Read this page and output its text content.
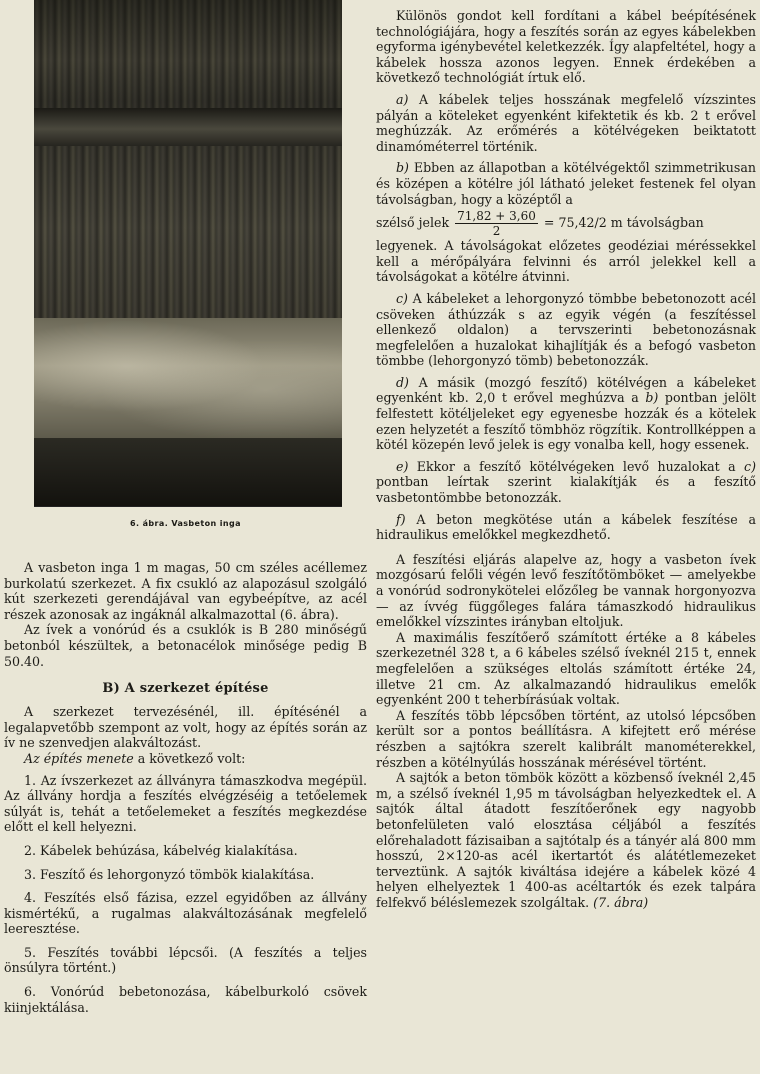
6. ábra. Vasbeton inga

A vasbeton inga 1 m magas, 50 cm széles acéllemez burkolatú szerkezet. A fix csukló az alapozásul szolgáló kút szerkezeti gerendájával van egybeépítve, az acél részek azonosak az ingáknál alkalmazottal (6. ábra).

Az ívek a vonórúd és a csuklók is B 280 minőségű betonból készültek, a betonacélok minősége pedig B 50.40.

B) A szerkezet építése

A szerkezet tervezésénél, ill. építésénél a legalapvetőbb szempont az volt, hogy az építés során az ív ne szenvedjen alakváltozást.

Az építés menete a következő volt:

1. Az ívszerkezet az állványra támaszkodva megépül. Az állvány hordja a feszítés elvégzéséig a tetőelemek súlyát is, tehát a tetőelemeket a feszítés megkezdése előtt el kell helyezni.

2. Kábelek behúzása, kábelvég kialakítása.

3. Feszítő és lehorgonyzó tömbök kialakítása.

4. Feszítés első fázisa, ezzel egyidőben az állvány kismértékű, a rugalmas alakváltozásának megfelelő leeresztése.

5. Feszítés további lépcsői. (A feszítés a teljes önsúlyra történt.)

6. Vonórúd bebetonozása, kábelburkoló csövek kiinjektálása.

Különös gondot kell fordítani a kábel beépítésének technológiájára, hogy a feszítés során az egyes kábelekben egyforma igénybevétel keletkezzék. Így alapfeltétel, hogy a kábelek hossza azonos legyen. Ennek érdekében a következő technológiát írtuk elő.

a) A kábelek teljes hosszának megfelelő vízszintes pályán a köteleket egyenként kifektetik és kb. 2 t erővel meghúzzák. Az erőmérés a kötélvégeken beiktatott dinamóméterrel történik.

b) Ebben az állapotban a kötélvégektől szimmetrikusan és középen a kötélre jól látható jeleket festenek fel olyan távolságban, hogy a középtől a

szélső jelek $\frac{71,82 + 3,60}{2} = 75,42/2$ m távolságban

legyenek. A távolságokat előzetes geodéziai méréssekkel kell a mérőpályára felvinni és arról jelekkel kell a távolságokat a kötélre átvinni.

c) A kábeleket a lehorgonyzó tömbbe bebetonozott acél csöveken áthúzzák s az egyik végén (a feszítéssel ellenkező oldalon) a tervszerinti bebetonozásnak megfelelően a huzalokat kihajlítják és a befogó vasbeton tömbbe (lehorgonyzó tömb) bebetonozzák.

d) A másik (mozgó feszítő) kötélvégen a kábeleket egyenként kb. 2,0 t erővel meghúzva a b) pontban jelölt felfestett kötéljeleket egy egyenesbe hozzák és a kötelek ezen helyzetét a feszítő tömbhöz rögzítik. Kontrollképpen a kötél közepén levő jelek is egy vonalba kell, hogy essenek.

e) Ekkor a feszítő kötélvégeken levő huzalokat a c) pontban leírtak szerint kialakítják és a feszítő vasbetontömbbe betonozzák.

f) A beton megkötése után a kábelek feszítése a hidraulikus emelőkkel megkezdhető.

A feszítési eljárás alapelve az, hogy a vasbeton ívek mozgósarú felőli végén levő feszítőtömböket — amelyekbe a vonórúd sodronykötelei előzőleg be vannak horgonyozva — az ívvég függőleges falára támaszkodó hidraulikus emelőkkel vízszintes irányban eltoljuk.

A maximális feszítőerő számított értéke a 8 kábeles szerkezetnél 328 t, a 6 kábeles szélső íveknél 215 t, ennek megfelelően a szükséges eltolás számított értéke 24, illetve 21 cm. Az alkalmazandó hidraulikus emelők egyenként 200 t teherbírásúak voltak.

A feszítés több lépcsőben történt, az utolsó lépcsőben került sor a pontos beállításra. A kifejtett erő mérése részben a sajtókra szerelt kalibrált manométerekkel, részben a kötélnyúlás hosszának mérésével történt.

A sajtók a beton tömbök között a közbenső íveknél 2,45 m, a szélső íveknél 1,95 m távolságban helyezkedtek el. A sajtók által átadott feszítőerőnek egy nagyobb betonfelületen való elosztása céljából a feszítés előrehaladott fázisaiban a sajtótalp és a tányér alá 800 mm hosszú, 2×120-as acél ikertartót és alátétlemezeket terveztünk. A sajtók kiváltása idejére a kábelek közé 4 helyen elhelyeztek 1 400-as acéltartók és ezek talpára felfekvő béléslemezek szolgáltak. (7. ábra)
